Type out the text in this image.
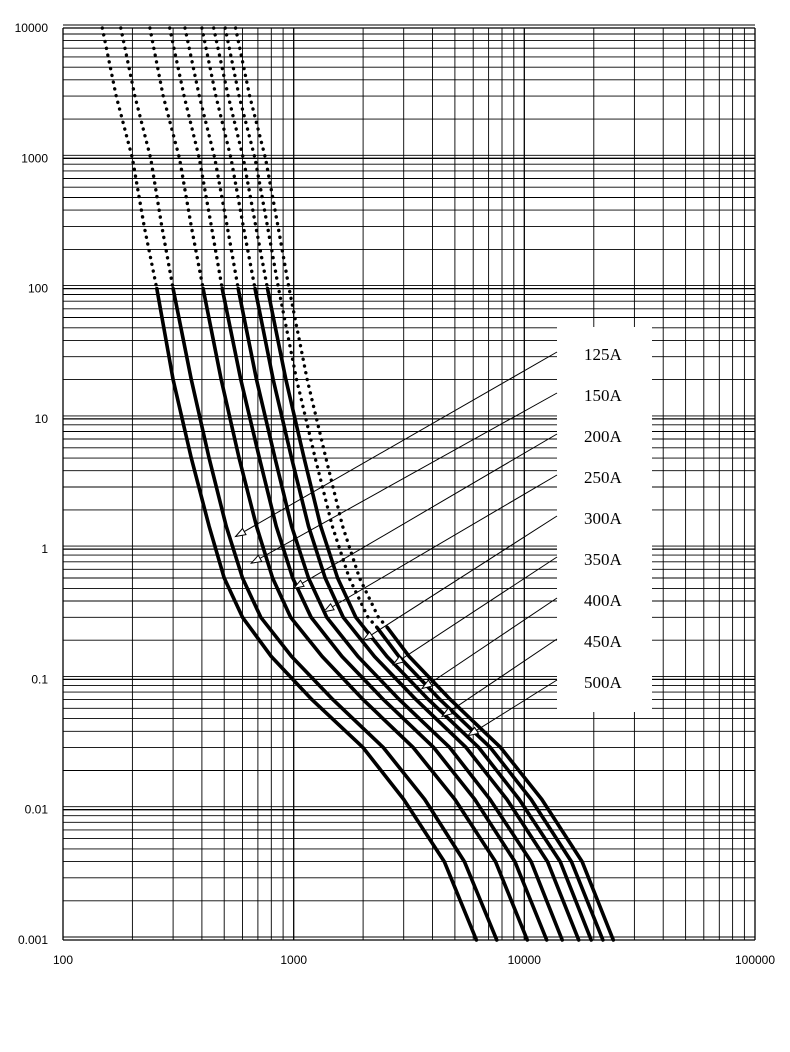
125A
150A
200A
250A
300A
350A
400A
450A
500A
10000
1000
100
10
1
0.1
0.01
0.001
100	1000	10000	100000
